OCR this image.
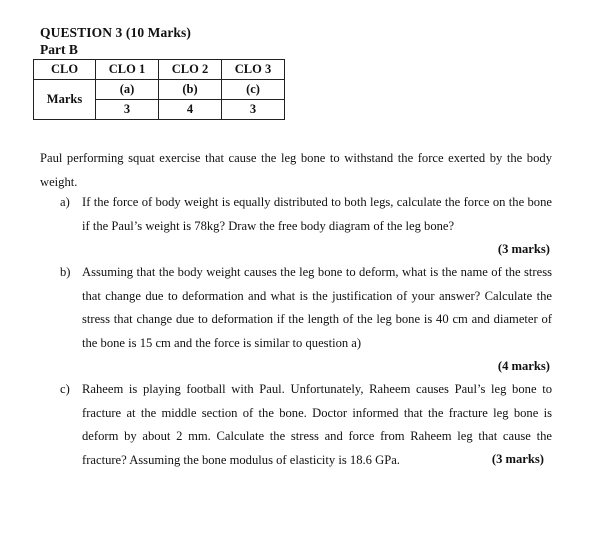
QUESTION 3 (10 Marks)
Part B
CLO	CLO 1	CLO 2	CLO 3
Marks	(a)	(b)	(c)
	3	4	3
Paul performing squat exercise that cause the leg bone to withstand the force exerted by the body weight.
a) If the force of body weight is equally distributed to both legs, calculate the force on the bone if the Paul’s weight is 78kg? Draw the free body diagram of the leg bone?
(3 marks)
b) Assuming that the body weight causes the leg bone to deform, what is the name of the stress that change due to deformation and what is the justification of your answer? Calculate the stress that change due to deformation if the length of the leg bone is 40 cm and diameter of the bone is 15 cm and the force is similar to question a)
(4 marks)
c) Raheem is playing football with Paul. Unfortunately, Raheem causes Paul’s leg bone to fracture at the middle section of the bone. Doctor informed that the fracture leg bone is deform by about 2 mm. Calculate the stress and force from Raheem leg that cause the fracture? Assuming the bone modulus of elasticity is 18.6 GPa.	(3 marks)
